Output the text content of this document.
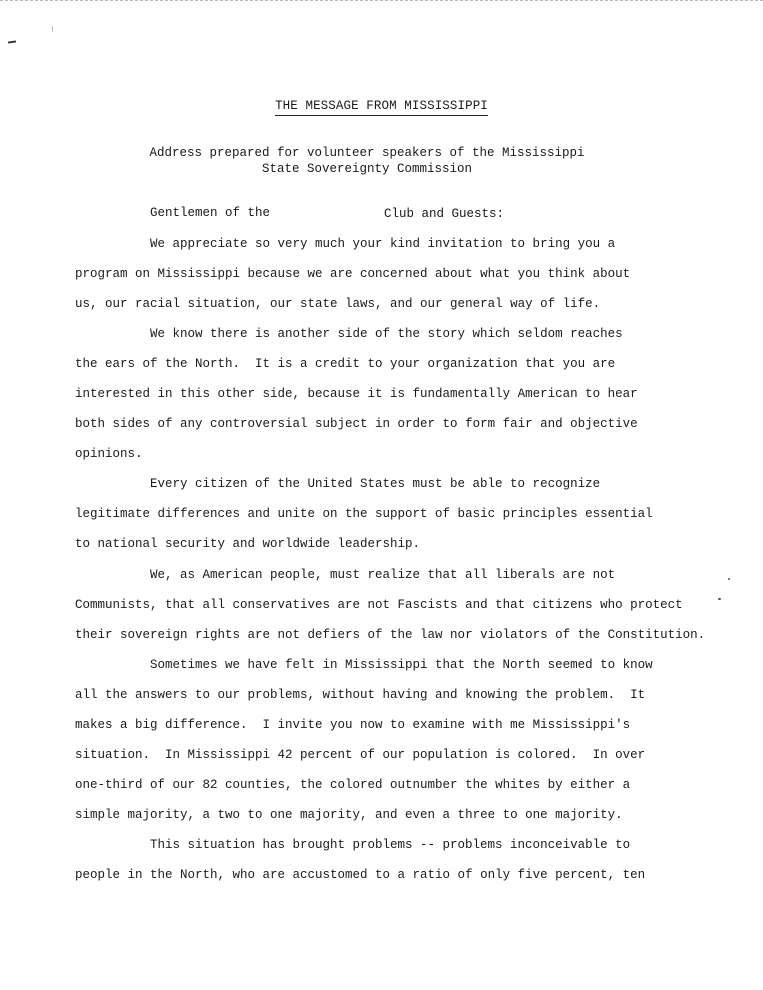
THE MESSAGE FROM MISSISSIPPI
Address prepared for volunteer speakers of the Mississippi
State Sovereignty Commission
Gentlemen of the	Club and Guests:
We appreciate so very much your kind invitation to bring you a
program on Mississippi because we are concerned about what you think about
us, our racial situation, our state laws, and our general way of life.
We know there is another side of the story which seldom reaches
the ears of the North.  It is a credit to your organization that you are
interested in this other side, because it is fundamentally American to hear
both sides of any controversial subject in order to form fair and objective
opinions.
Every citizen of the United States must be able to recognize
legitimate differences and unite on the support of basic principles essential
to national security and worldwide leadership.
We, as American people, must realize that all liberals are not
Communists, that all conservatives are not Fascists and that citizens who protect
their sovereign rights are not defiers of the law nor violators of the Constitution.
Sometimes we have felt in Mississippi that the North seemed to know
all the answers to our problems, without having and knowing the problem.  It
makes a big difference.  I invite you now to examine with me Mississippi's
situation.  In Mississippi 42 percent of our population is colored.  In over
one-third of our 82 counties, the colored outnumber the whites by either a
simple majority, a two to one majority, and even a three to one majority.
This situation has brought problems -- problems inconceivable to
people in the North, who are accustomed to a ratio of only five percent, ten
